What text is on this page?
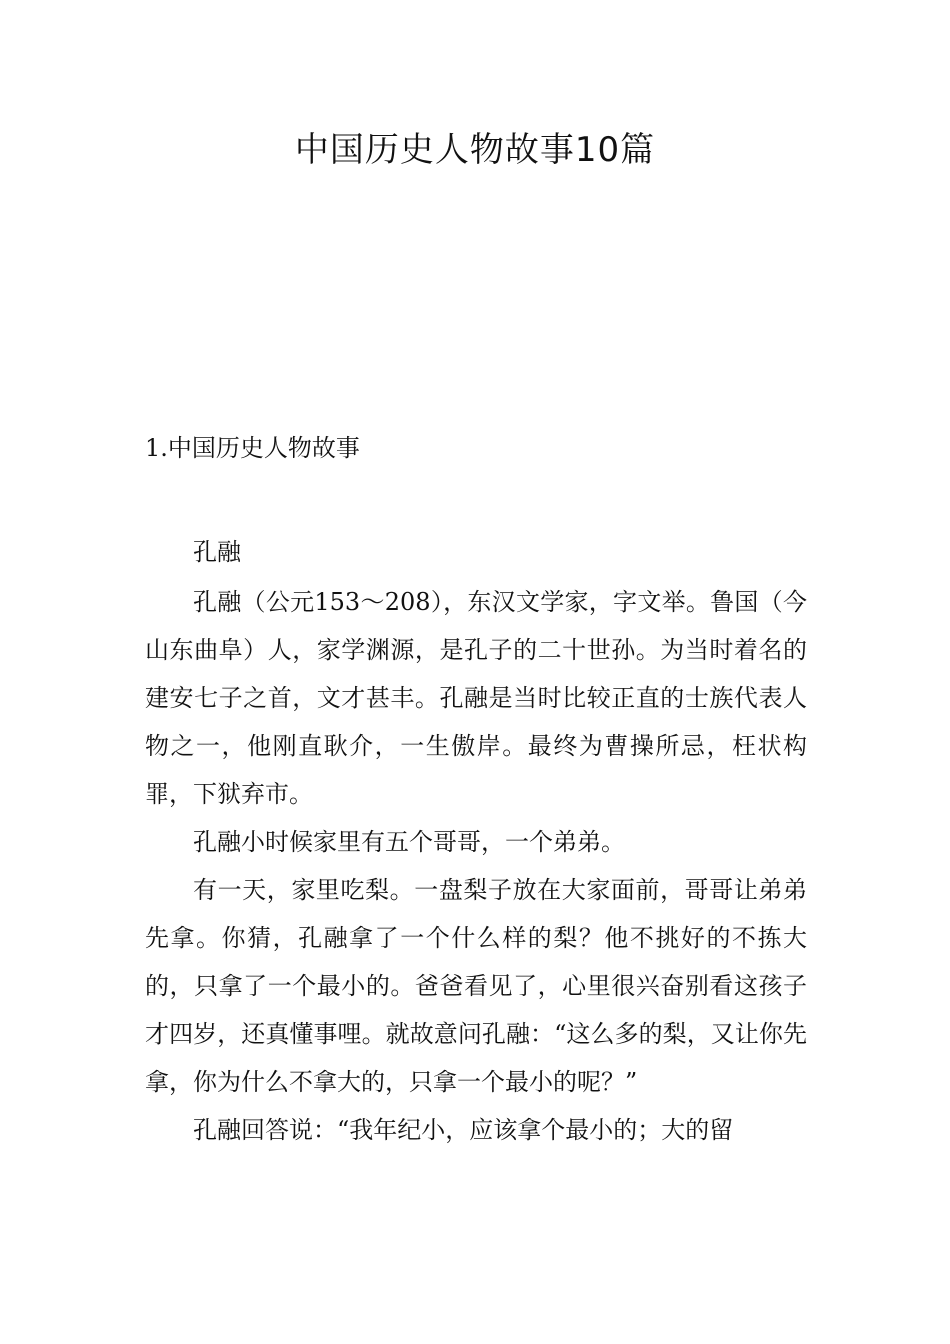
中国历史人物故事10篇
1.中国历史人物故事

孔融

孔融（公元153～208），东汉文学家，字文举。鲁国（今山东曲阜）人，家学渊源，是孔子的二十世孙。为当时着名的建安七子之首，文才甚丰。孔融是当时比较正直的士族代表人物之一，他刚直耿介，一生傲岸。最终为曹操所忌，枉状构罪，下狱弃市。

孔融小时候家里有五个哥哥，一个弟弟。

有一天，家里吃梨。一盘梨子放在大家面前，哥哥让弟弟先拿。你猜，孔融拿了一个什么样的梨？他不挑好的不拣大的，只拿了一个最小的。爸爸看见了，心里很兴奋别看这孩子才四岁，还真懂事哩。就故意问孔融：“这么多的梨，又让你先拿，你为什么不拿大的，只拿一个最小的呢？”

孔融回答说：“我年纪小，应该拿个最小的；大的留
